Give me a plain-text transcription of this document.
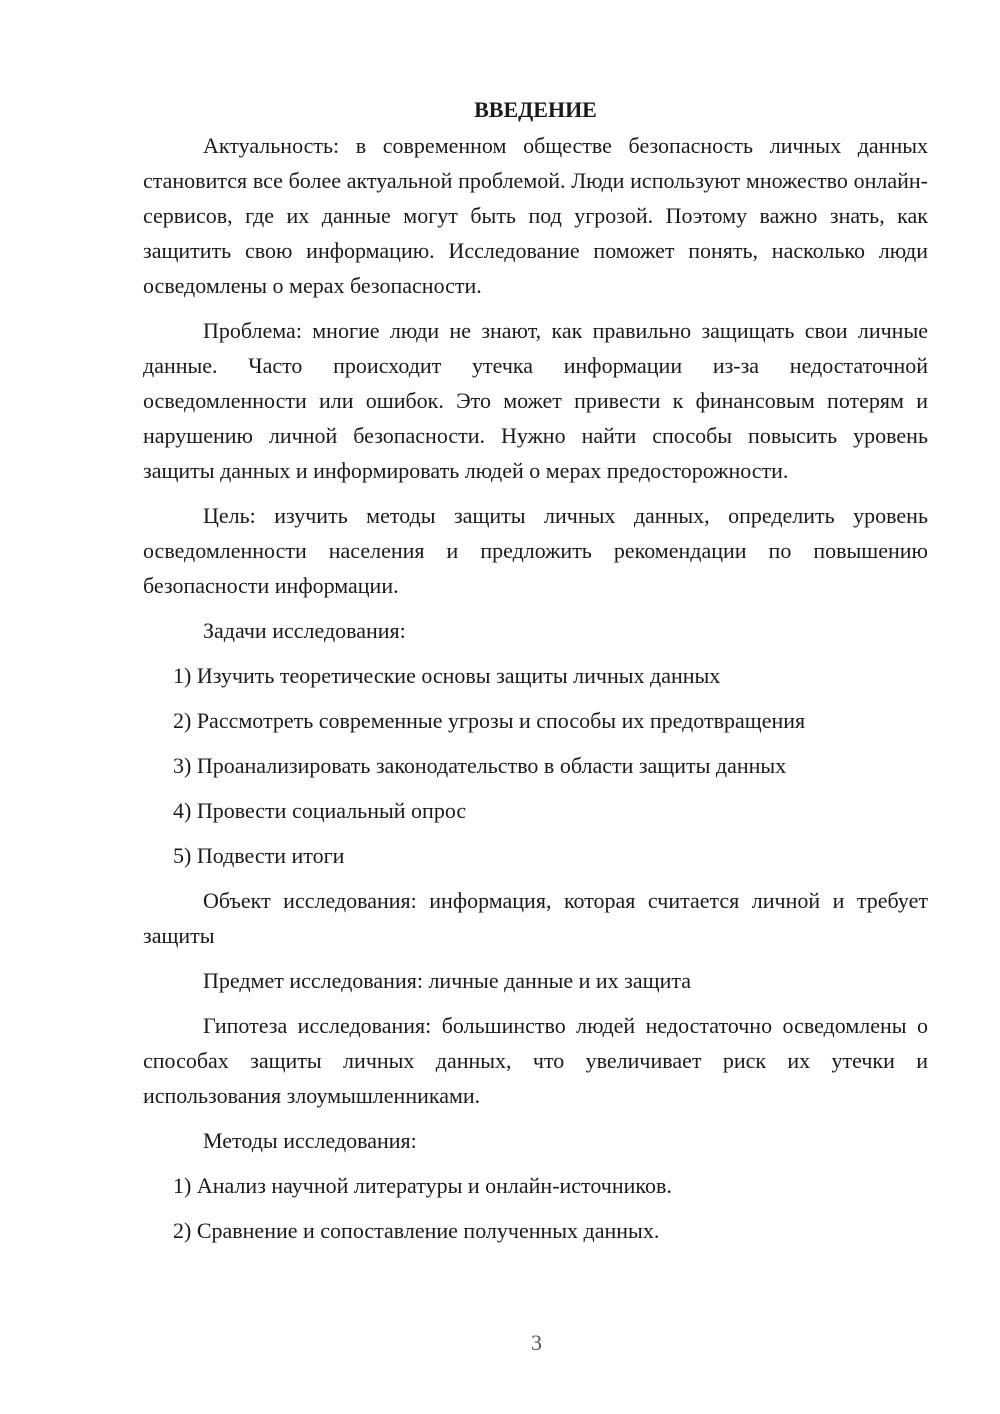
ВВЕДЕНИЕ

Актуальность: в современном обществе безопасность личных данных становится все более актуальной проблемой. Люди используют множество онлайн-сервисов, где их данные могут быть под угрозой. Поэтому важно знать, как защитить свою информацию. Исследование поможет понять, насколько люди осведомлены о мерах безопасности.

Проблема: многие люди не знают, как правильно защищать свои личные данные. Часто происходит утечка информации из-за недостаточной осведомленности или ошибок. Это может привести к финансовым потерям и нарушению личной безопасности. Нужно найти способы повысить уровень защиты данных и информировать людей о мерах предосторожности.

Цель: изучить методы защиты личных данных, определить уровень осведомленности населения и предложить рекомендации по повышению безопасности информации.

Задачи исследования:

1) Изучить теоретические основы защиты личных данных

2) Рассмотреть современные угрозы и способы их предотвращения

3) Проанализировать законодательство в области защиты данных

4) Провести социальный опрос

5) Подвести итоги

Объект исследования: информация, которая считается личной и требует защиты

Предмет исследования: личные данные и их защита

Гипотеза исследования: большинство людей недостаточно осведомлены о способах защиты личных данных, что увеличивает риск их утечки и использования злоумышленниками.

Методы исследования:

1) Анализ научной литературы и онлайн-источников.

2) Сравнение и сопоставление полученных данных.

3
